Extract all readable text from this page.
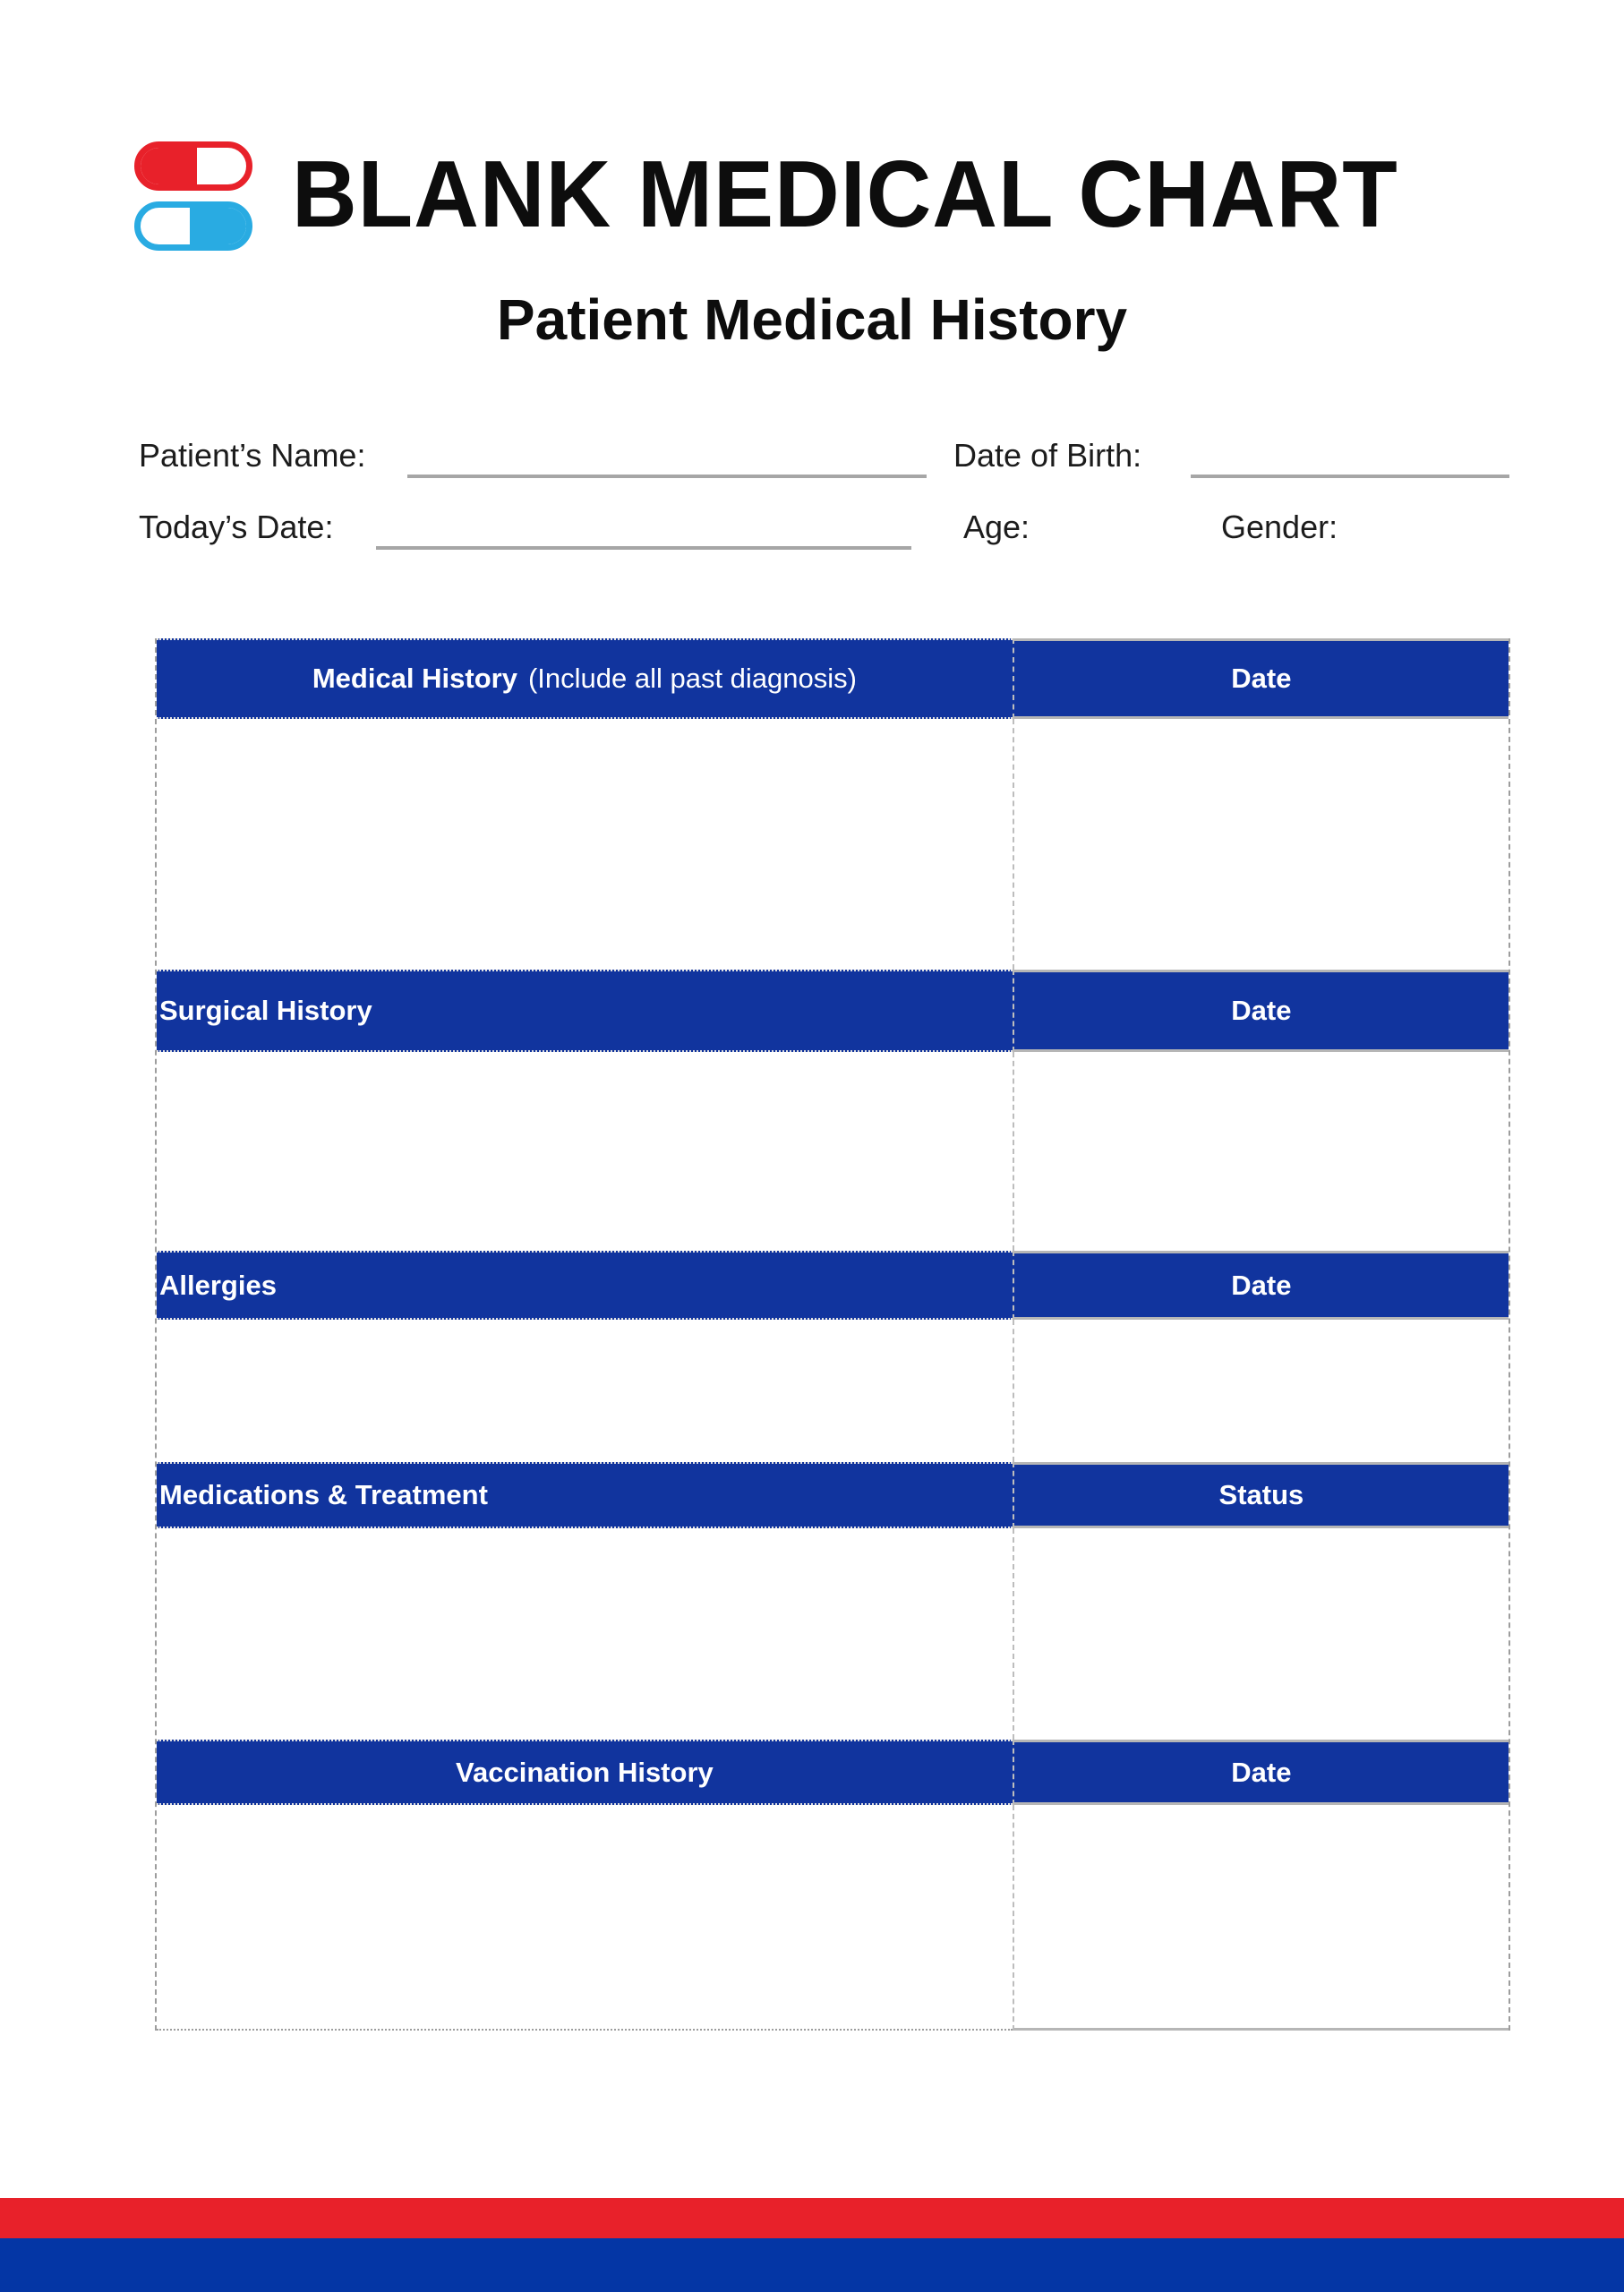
BLANK MEDICAL CHART
Patient Medical History
Patient’s Name:	Date of Birth:
Today’s Date:	Age:	Gender:
Medical History (Include all past diagnosis)	Date
Surgical History	Date
Allergies	Date
Medications & Treatment	Status
Vaccination History	Date
